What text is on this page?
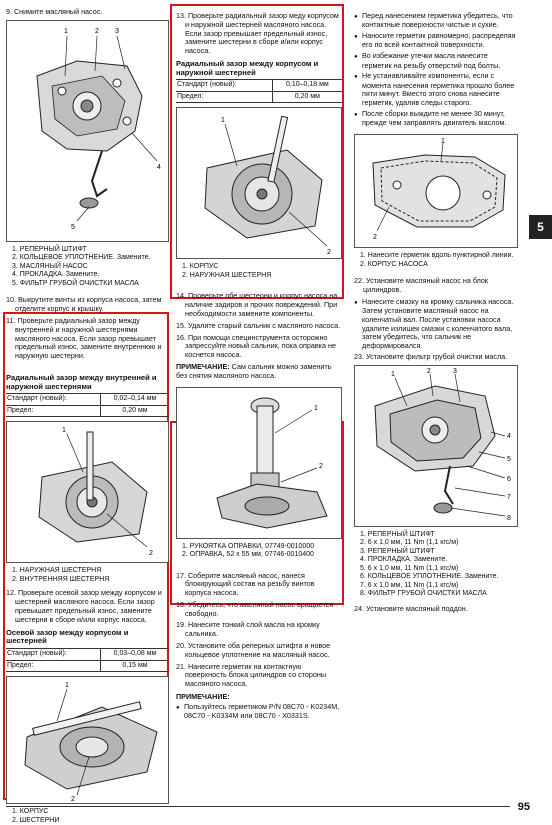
9. Снимите масляный насос.

1	2 3
4
5
1. РЕПЕРНЫЙ ШТИФТ
2. КОЛЬЦЕВОЕ УПЛОТНЕНИЕ. Замените.
3. МАСЛЯНЫЙ НАСОС
4. ПРОКЛАДКА. Замените.
5. ФИЛЬТР ГРУБОЙ ОЧИСТКИ МАСЛА

10. Выкрутите винты из корпуса насоса, затем отделите корпус и крышку.

11. Проверьте радиальный зазор между внутренней и наружной шестернями масляного насоса. Если зазор превышает предельный износ, замените внутреннюю и наружную шестерни.

Радиальный зазор между внутренней и наружной шестернями
Стандарт (новый):	0,02–0,14 мм
Предел:	0,20 мм
1
2
1. НАРУЖНАЯ ШЕСТЕРНЯ
2. ВНУТРЕННЯЯ ШЕСТЕРНЯ

12. Проверьте осевой зазор между корпусом и шестерней масляного насоса. Если зазор превышает предельный износ, замените шестерни в сборе и/или корпус насоса.

Осевой зазор между корпусом и шестерней
Стандарт (новый):	0,03–0,08 мм
Предел:	0,15 мм
1
2
1. КОРПУС
2. ШЕСТЕРНИ

13. Проверьте радиальный зазор меду корпусом и наружной шестерней масляного насоса. Если зазор превышает предельный износ, замените шестерни в сборе и/или корпус насоса.

Радиальный зазор между корпусом и наружной шестерней
Стандарт (новый):	0,10–0,18 мм
Предел:	0,20 мм
1
2
1. КОРПУС
2. НАРУЖНАЯ ШЕСТЕРНЯ

14. Проверьте обе шестерни и корпус насоса на наличие задиров и прочих повреждений. При необходимости замените компоненты.

15. Удалите старый сальник с масляного насоса.

16. При помощи специнструмента осторожно запрессуйте новый сальник, пока оправка не коснется насоса.

ПРИМЕЧАНИЕ: Сам сальник можно заменить без снятия масляного насоса.

1
2
1. РУКОЯТКА ОПРАВКИ, 07749-0010000
2. ОПРАВКА, 52 x 55 мм, 07746-0010400

17. Соберите масляный насос, нанеся блокирующий состав на резьбу винтов корпуса насоса.

18. Убедитесь, что масляный насос вращается свободно.

19. Нанесите тонкий слой масла на кромку сальника.

20. Установите оба реперных штифта и новое кольцевое уплотнение на масляный насос.

21. Нанесите герметик на контактную поверхность блока цилиндров со стороны масляного насоса.

ПРИМЕЧАНИЕ:
● Пользуйтесь герметиком P/N 08C70 - K0234M, 08C70 - K0334M или 08C70 - X0331S.
● Перед нанесением герметика убедитесь, что контактные поверхности чистые и сухие.
● Наносите герметик равномерно, распределяя его по всей контактной поверхности.
● Во избежание утечки масла нанесите герметик на резьбу отверстий под болты.
● Не устанавливайте компоненты, если с момента нанесения герметика прошло более пяти минут. Вместо этого снова нанесите герметик, удалив следы старого.
● После сборки выждите не менее 30 минут, прежде чем заправлять двигатель маслом.
1
2
1. Нанесите герметик вдоль пунктирной линии.
2. КОРПУС НАСОСА

22. Установите масляный насос на блок цилиндров.

● Нанесите смазку на кромку сальника насоса. Затем установите масляный насос на коленчатый вал. После установки насоса удалите излишек смазки с коленчатого вала, затем убедитесь, что сальник не деформировался.

23. Установите фильтр грубой очистки масла.

1	2	3
4
5
6
7
8
1. РЕПЕРНЫЙ ШТИФТ
2. 6 x 1,0 мм, 11 Nm (1,1 кгс/м)
3. РЕПЕРНЫЙ ШТИФТ
4. ПРОКЛАДКА. Замените.
5. 6 x 1,0 мм, 11 Nm (1,1 кгс/м)
6. КОЛЬЦЕВОЕ УПЛОТНЕНИЕ. Замените.
7. 6 x 1,0 мм, 11 Nm (1,1 кгс/м)
8. ФИЛЬТР ГРУБОЙ ОЧИСТКИ МАСЛА

24. Установите масляный поддон.

5
95
